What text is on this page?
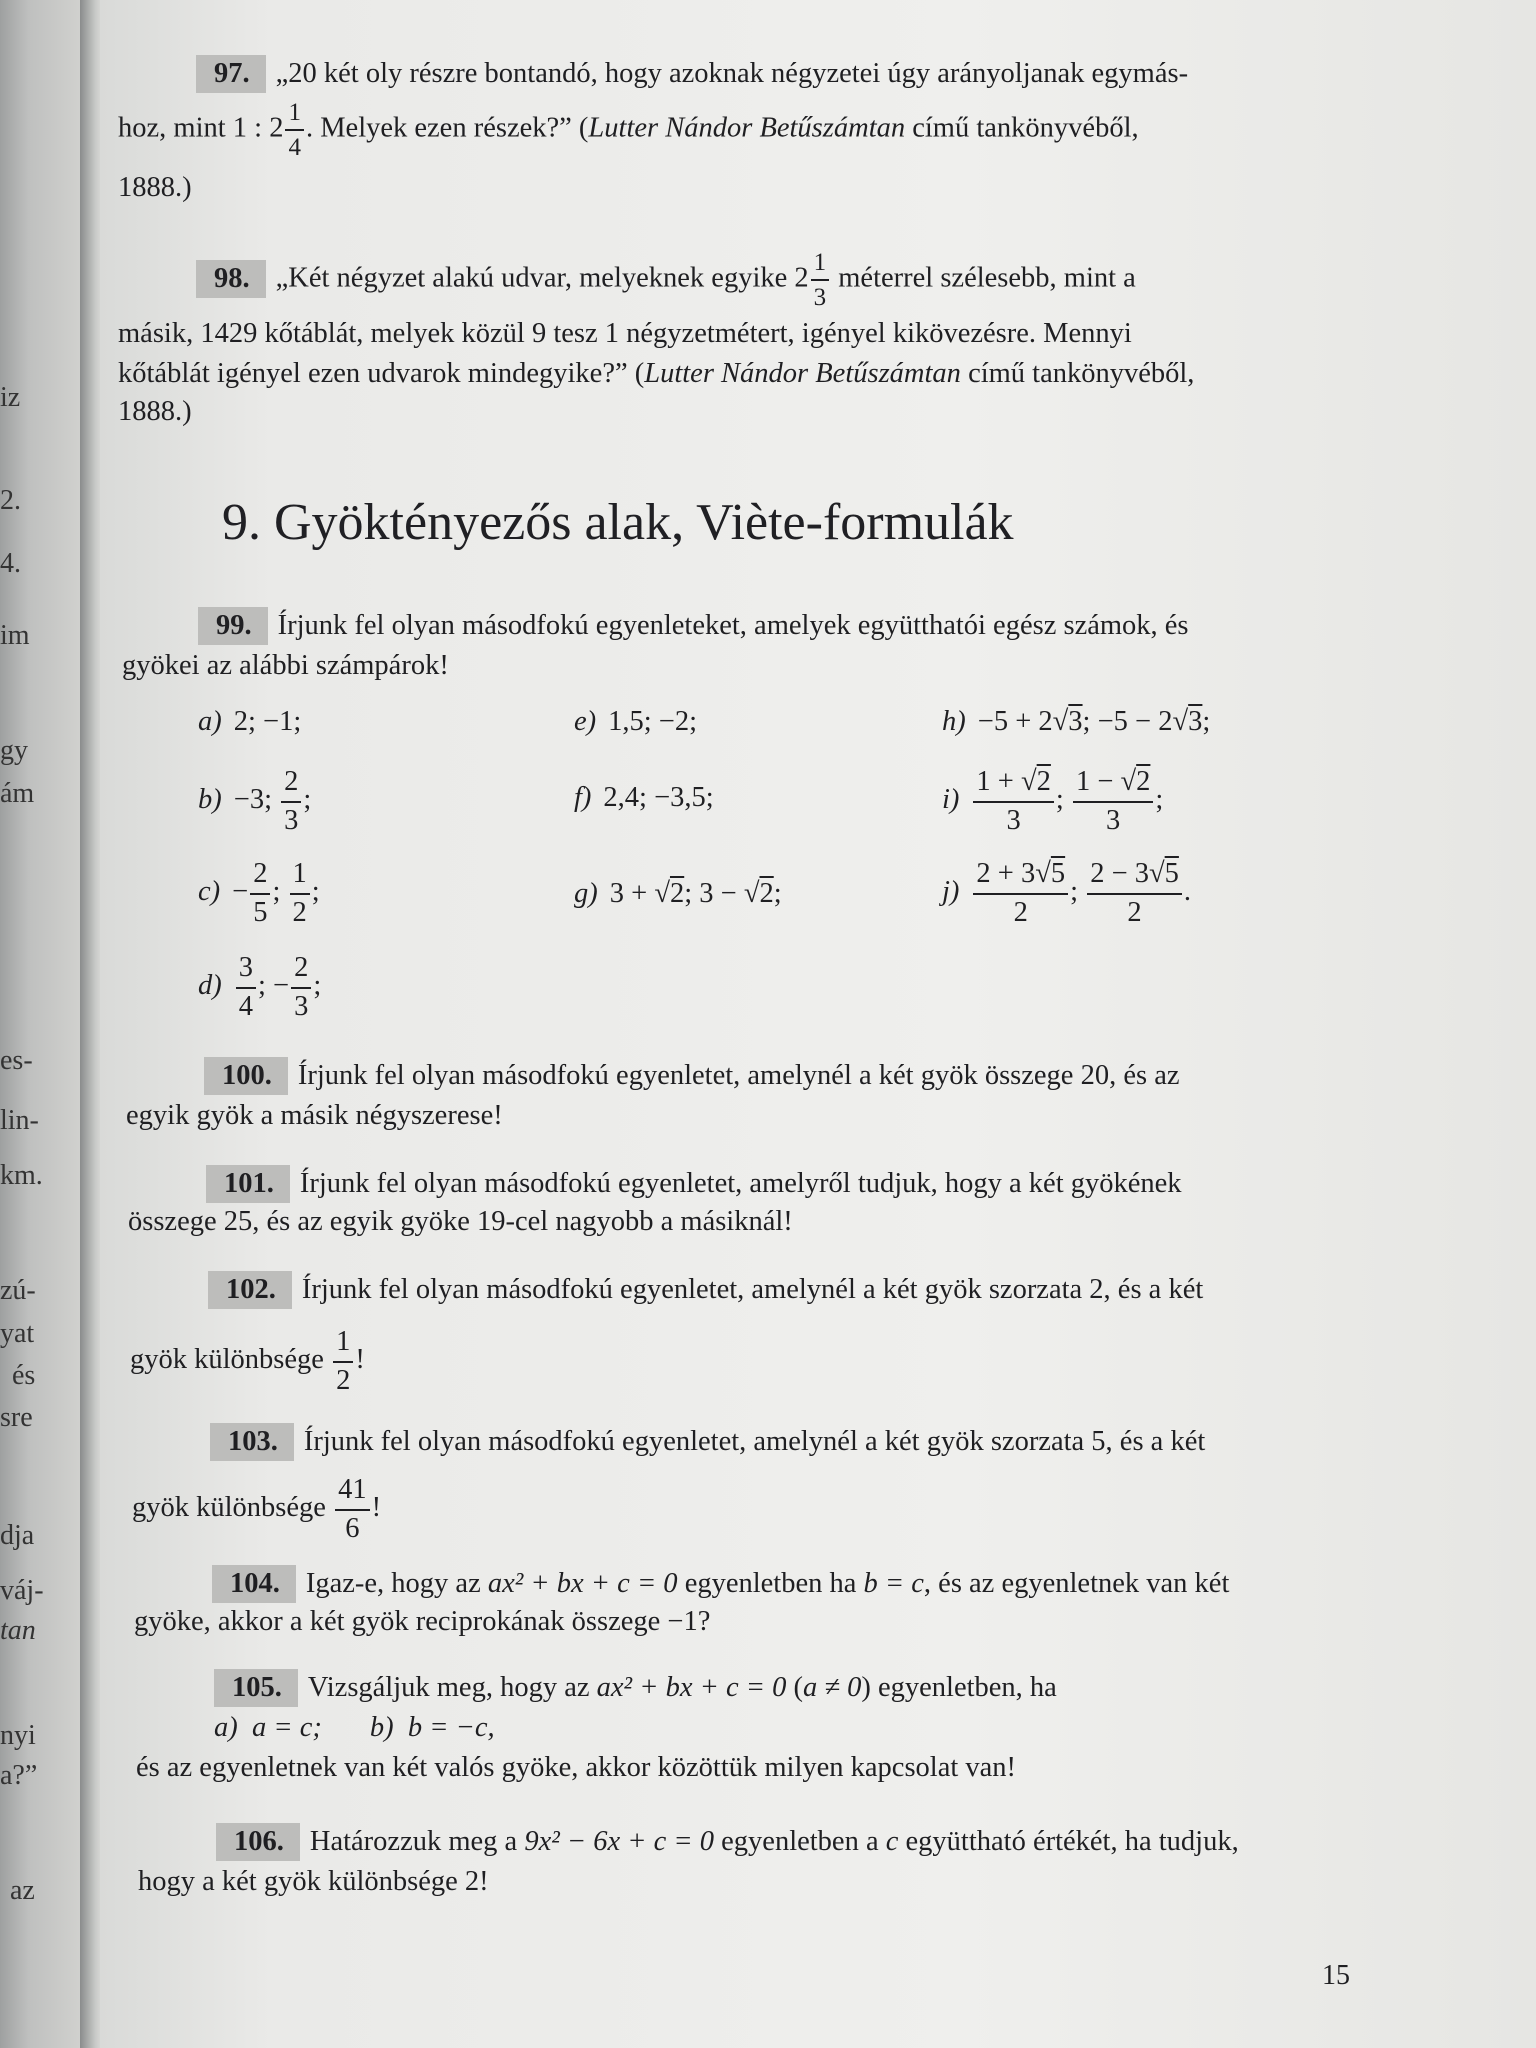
iz
2.
4.
im
gy
ám
es-
lin-
km.
zú-
yat
és
sre
dja
váj-
tan
nyi
a?”
az
97. „20 két oly részre bontandó, hogy azoknak négyzetei úgy arányoljanak egymás-
hoz, mint 1 : $2 \frac{1}{4}$ . Melyek ezen részek?” (Lutter Nándor Betűszámtan című tankönyvéből,
1888.)
98. „Két négyzet alakú udvar, melyeknek egyike $2 \frac{1}{3}$ méterrel szélesebb, mint a
másik, 1429 kőtáblát, melyek közül 9 tesz 1 négyzetmétert, igényel kikövezésre. Mennyi
kőtáblát igényel ezen udvarok mindegyike?” (Lutter Nándor Betűszámtan című tankönyvéből,
1888.)
9. Gyöktényezős alak, Viète-formulák
99. Írjunk fel olyan másodfokú egyenleteket, amelyek együtthatói egész számok, és
gyökei az alábbi számpárok!
a) 2; −1;
b) −3; $\frac{2}{3}$ ;
$c) - \frac{2}{5}$ ; $\frac{1}{2}$ ;
$d) \frac{3}{4}$ ; − $\frac{2}{3}$ ;
e) 1,5; −2;
f) 2,4; −3,5;
g) 3 + √2; 3 − √2;
h) −5 + 2√3; −5 − 2√3;
$i) \frac{1 + √2}{3}$ ; $\frac{1 - √2}{3}$ ;
$j) \frac{2 + 3√5}{2}$ ; $\frac{2 - 3√5}{2}$ .
100. Írjunk fel olyan másodfokú egyenletet, amelynél a két gyök összege 20, és az
egyik gyök a másik négyszerese!
101. Írjunk fel olyan másodfokú egyenletet, amelyről tudjuk, hogy a két gyökének
összege 25, és az egyik gyöke 19-cel nagyobb a másiknál!
102. Írjunk fel olyan másodfokú egyenletet, amelynél a két gyök szorzata 2, és a két
gyök különbsége $\frac{1}{2}$ !
103. Írjunk fel olyan másodfokú egyenletet, amelynél a két gyök szorzata 5, és a két
gyök különbsége $\frac{41}{6}$ !
104. Igaz-e, hogy az ax² + bx + c = 0 egyenletben ha b = c, és az egyenletnek van két
gyöke, akkor a két gyök reciprokának összege −1?
105. Vizsgáljuk meg, hogy az ax² + bx + c = 0 (a ≠ 0) egyenletben, ha
a) a = c; b) b = −c,
és az egyenletnek van két valós gyöke, akkor közöttük milyen kapcsolat van!
106. Határozzuk meg a 9x² − 6x + c = 0 egyenletben a c együttható értékét, ha tudjuk,
hogy a két gyök különbsége 2!
15
